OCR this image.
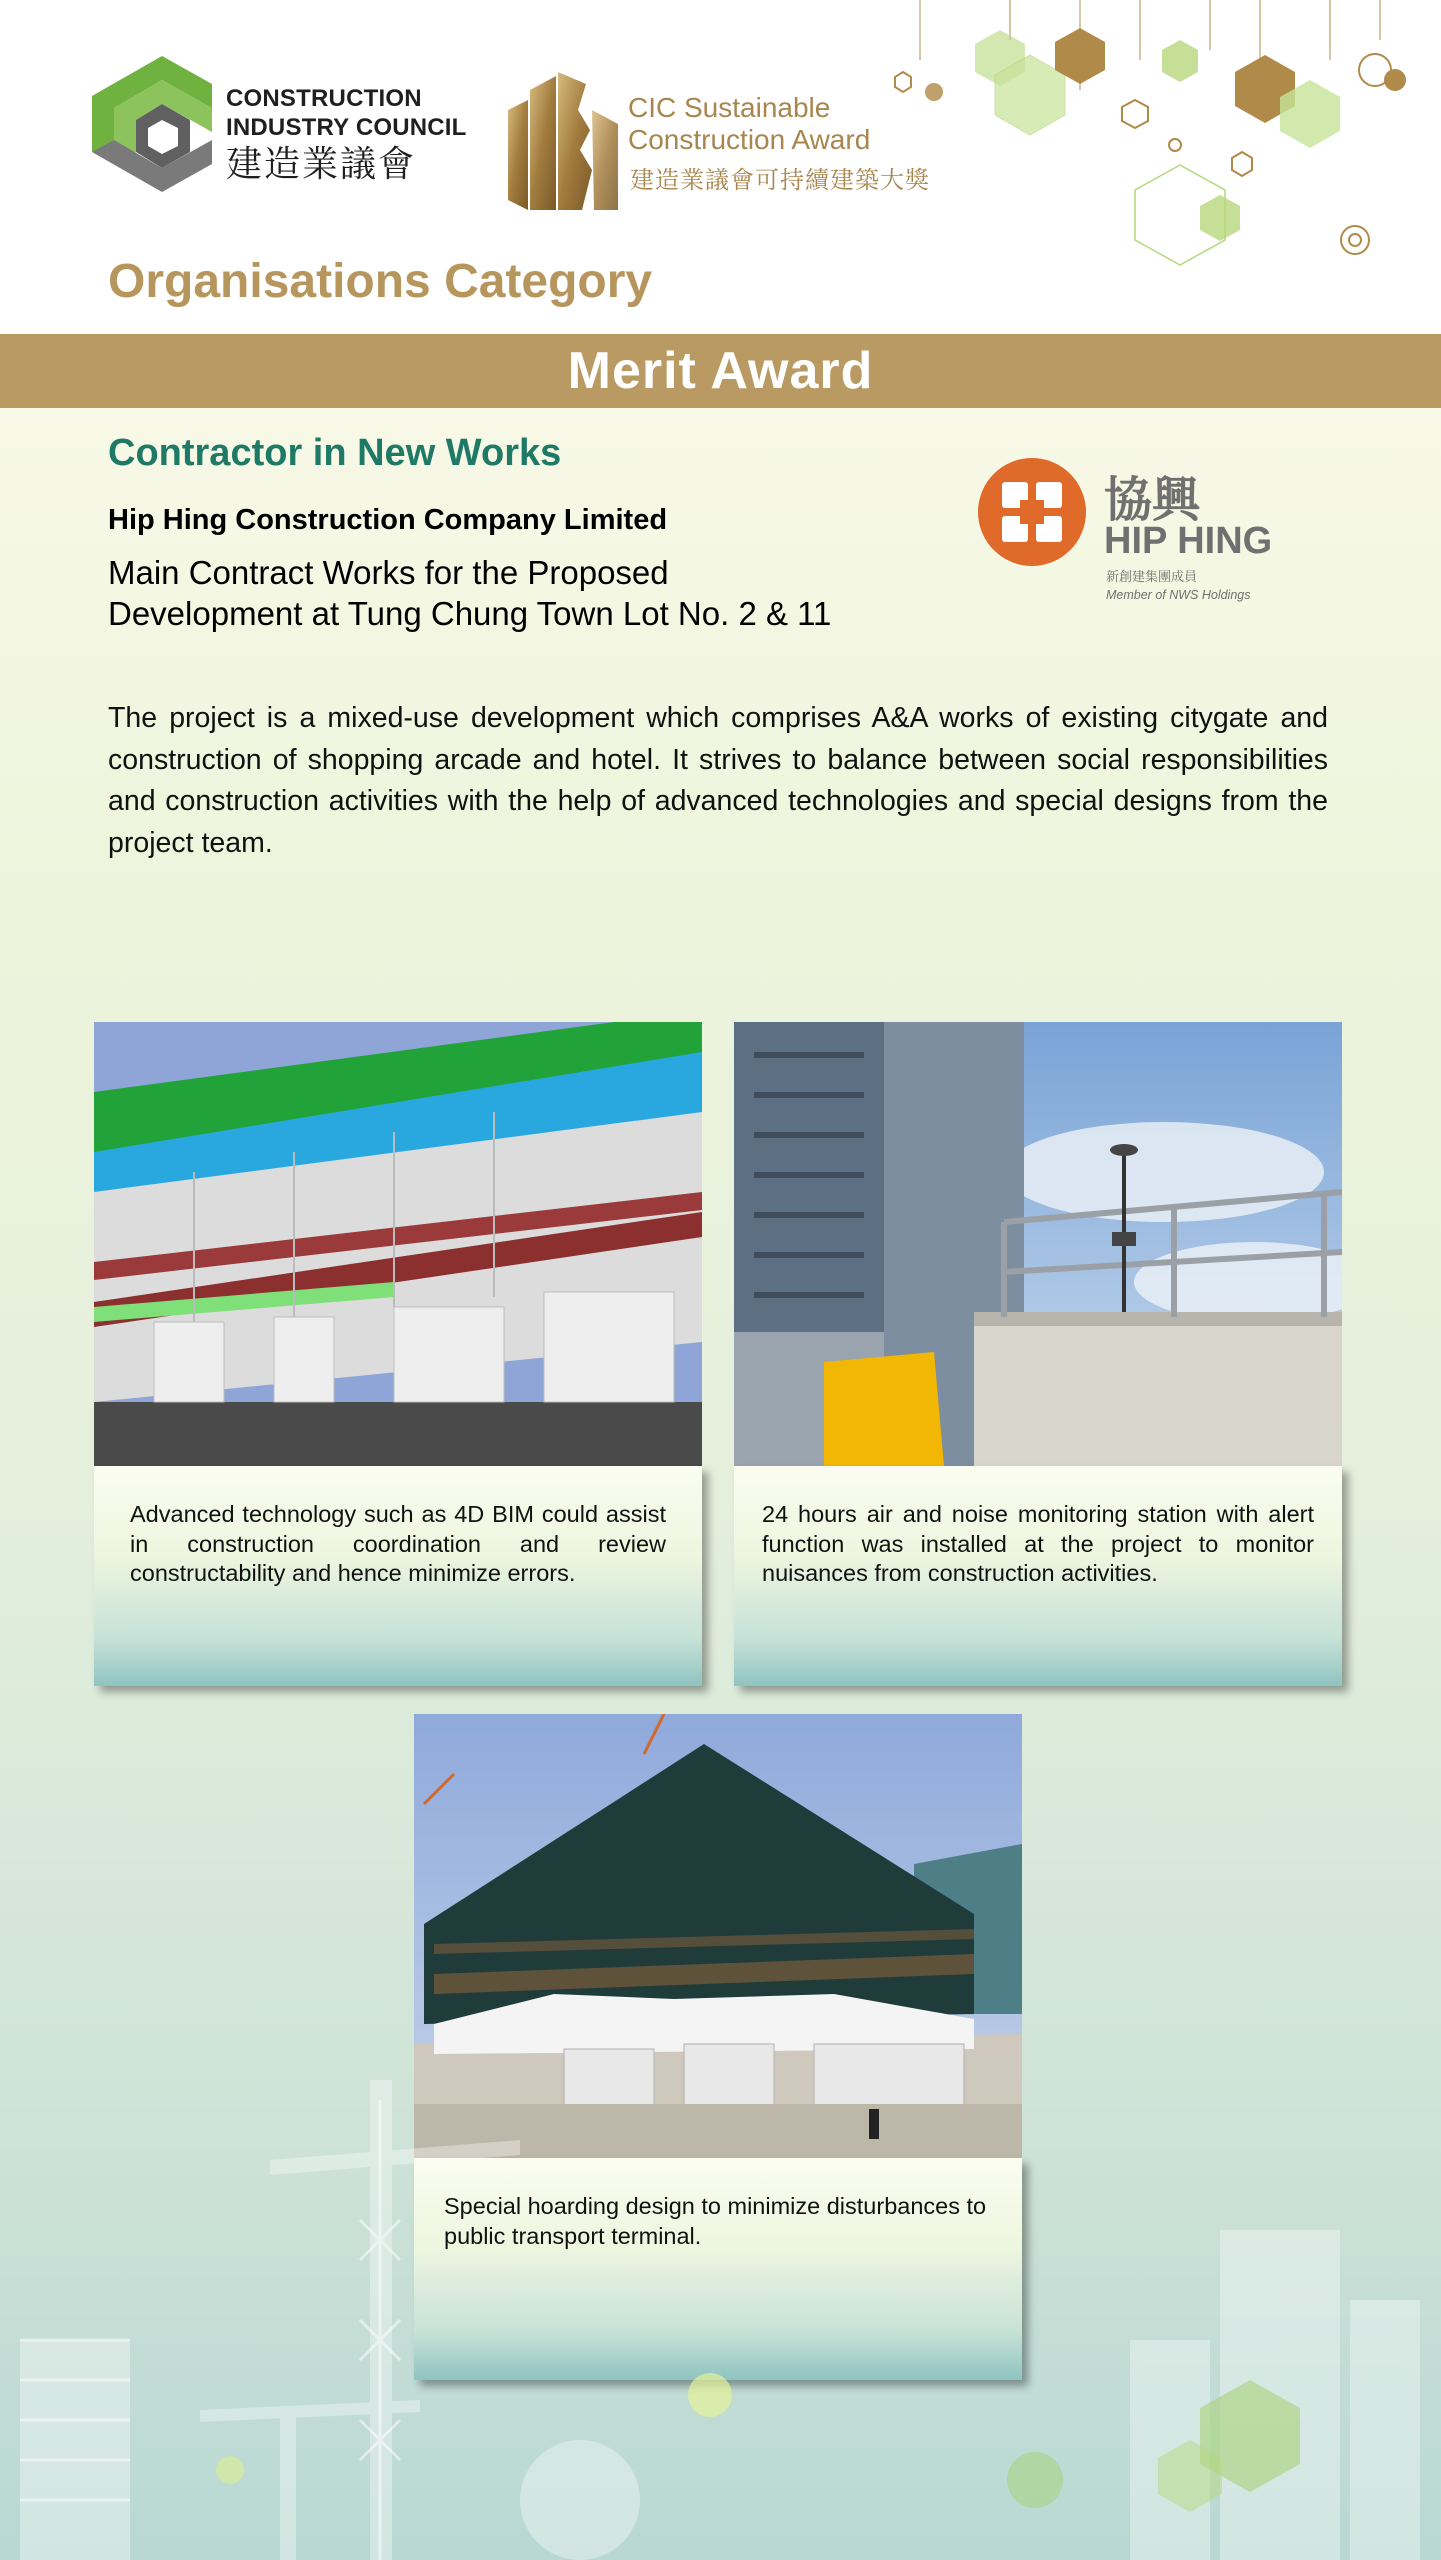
CONSTRUCTION
INDUSTRY COUNCIL
建造業議會
CIC Sustainable
Construction Award
建造業議會可持續建築大獎
Organisations Category
Merit Award
Contractor in New Works
Hip Hing Construction Company Limited
Main Contract Works for the Proposed
Development at Tung Chung Town Lot No. 2 & 11
協興
HIP HING
新創建集團成員
Member of NWS Holdings

The project is a mixed-use development which comprises A&A works of existing citygate and construction of shopping arcade and hotel. It strives to balance between social responsibilities and construction activities with the help of advanced technologies and special designs from the project team.

Advanced technology such as 4D BIM could assist in construction coordination and review constructability and hence minimize errors.

24 hours air and noise monitoring station with alert function was installed at the project to monitor nuisances from construction activities.

Special hoarding design to minimize disturbances to public transport terminal.
